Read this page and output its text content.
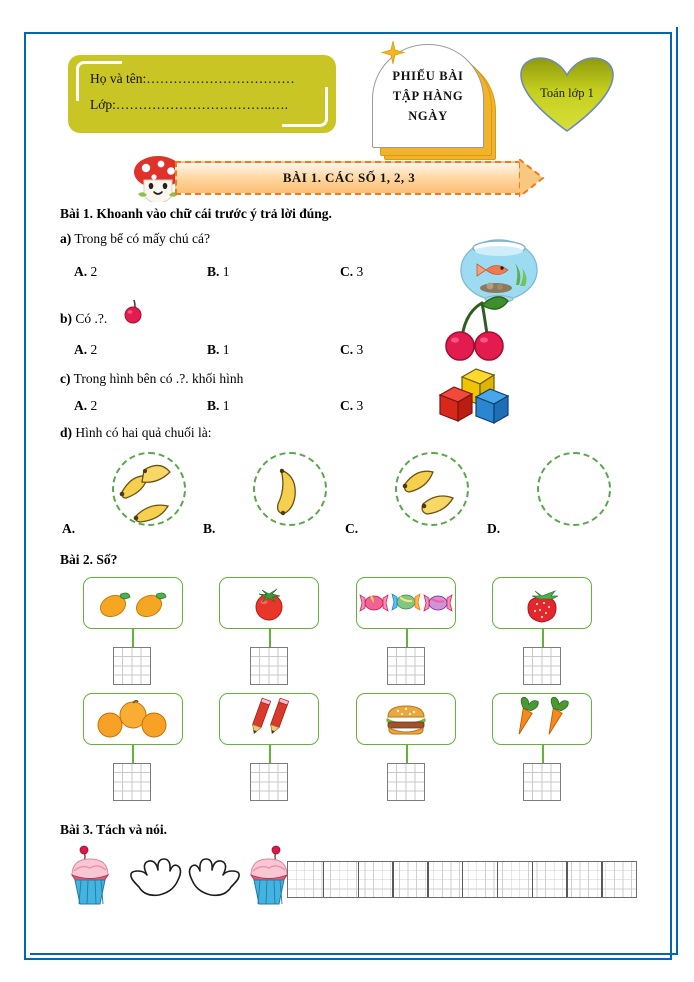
Họ và tên:……………………………
Lớp:……………………………..….
PHIẾU BÀI
TẬP HÀNG
NGÀY
Toán lớp 1
BÀI 1. CÁC SỐ 1, 2, 3
Bài 1. Khoanh vào chữ cái trước ý trả lời đúng.
a) Trong bể có mấy chú cá?
A. 2	B. 1	C. 3
b) Có .?.
A. 2	B. 1	C. 3
c) Trong hình bên có .?. khối hình
A. 2	B. 1	C. 3
d) Hình có hai quả chuối là:
A.	B.	C.	D.
Bài 2. Số?
Bài 3. Tách và nói.
